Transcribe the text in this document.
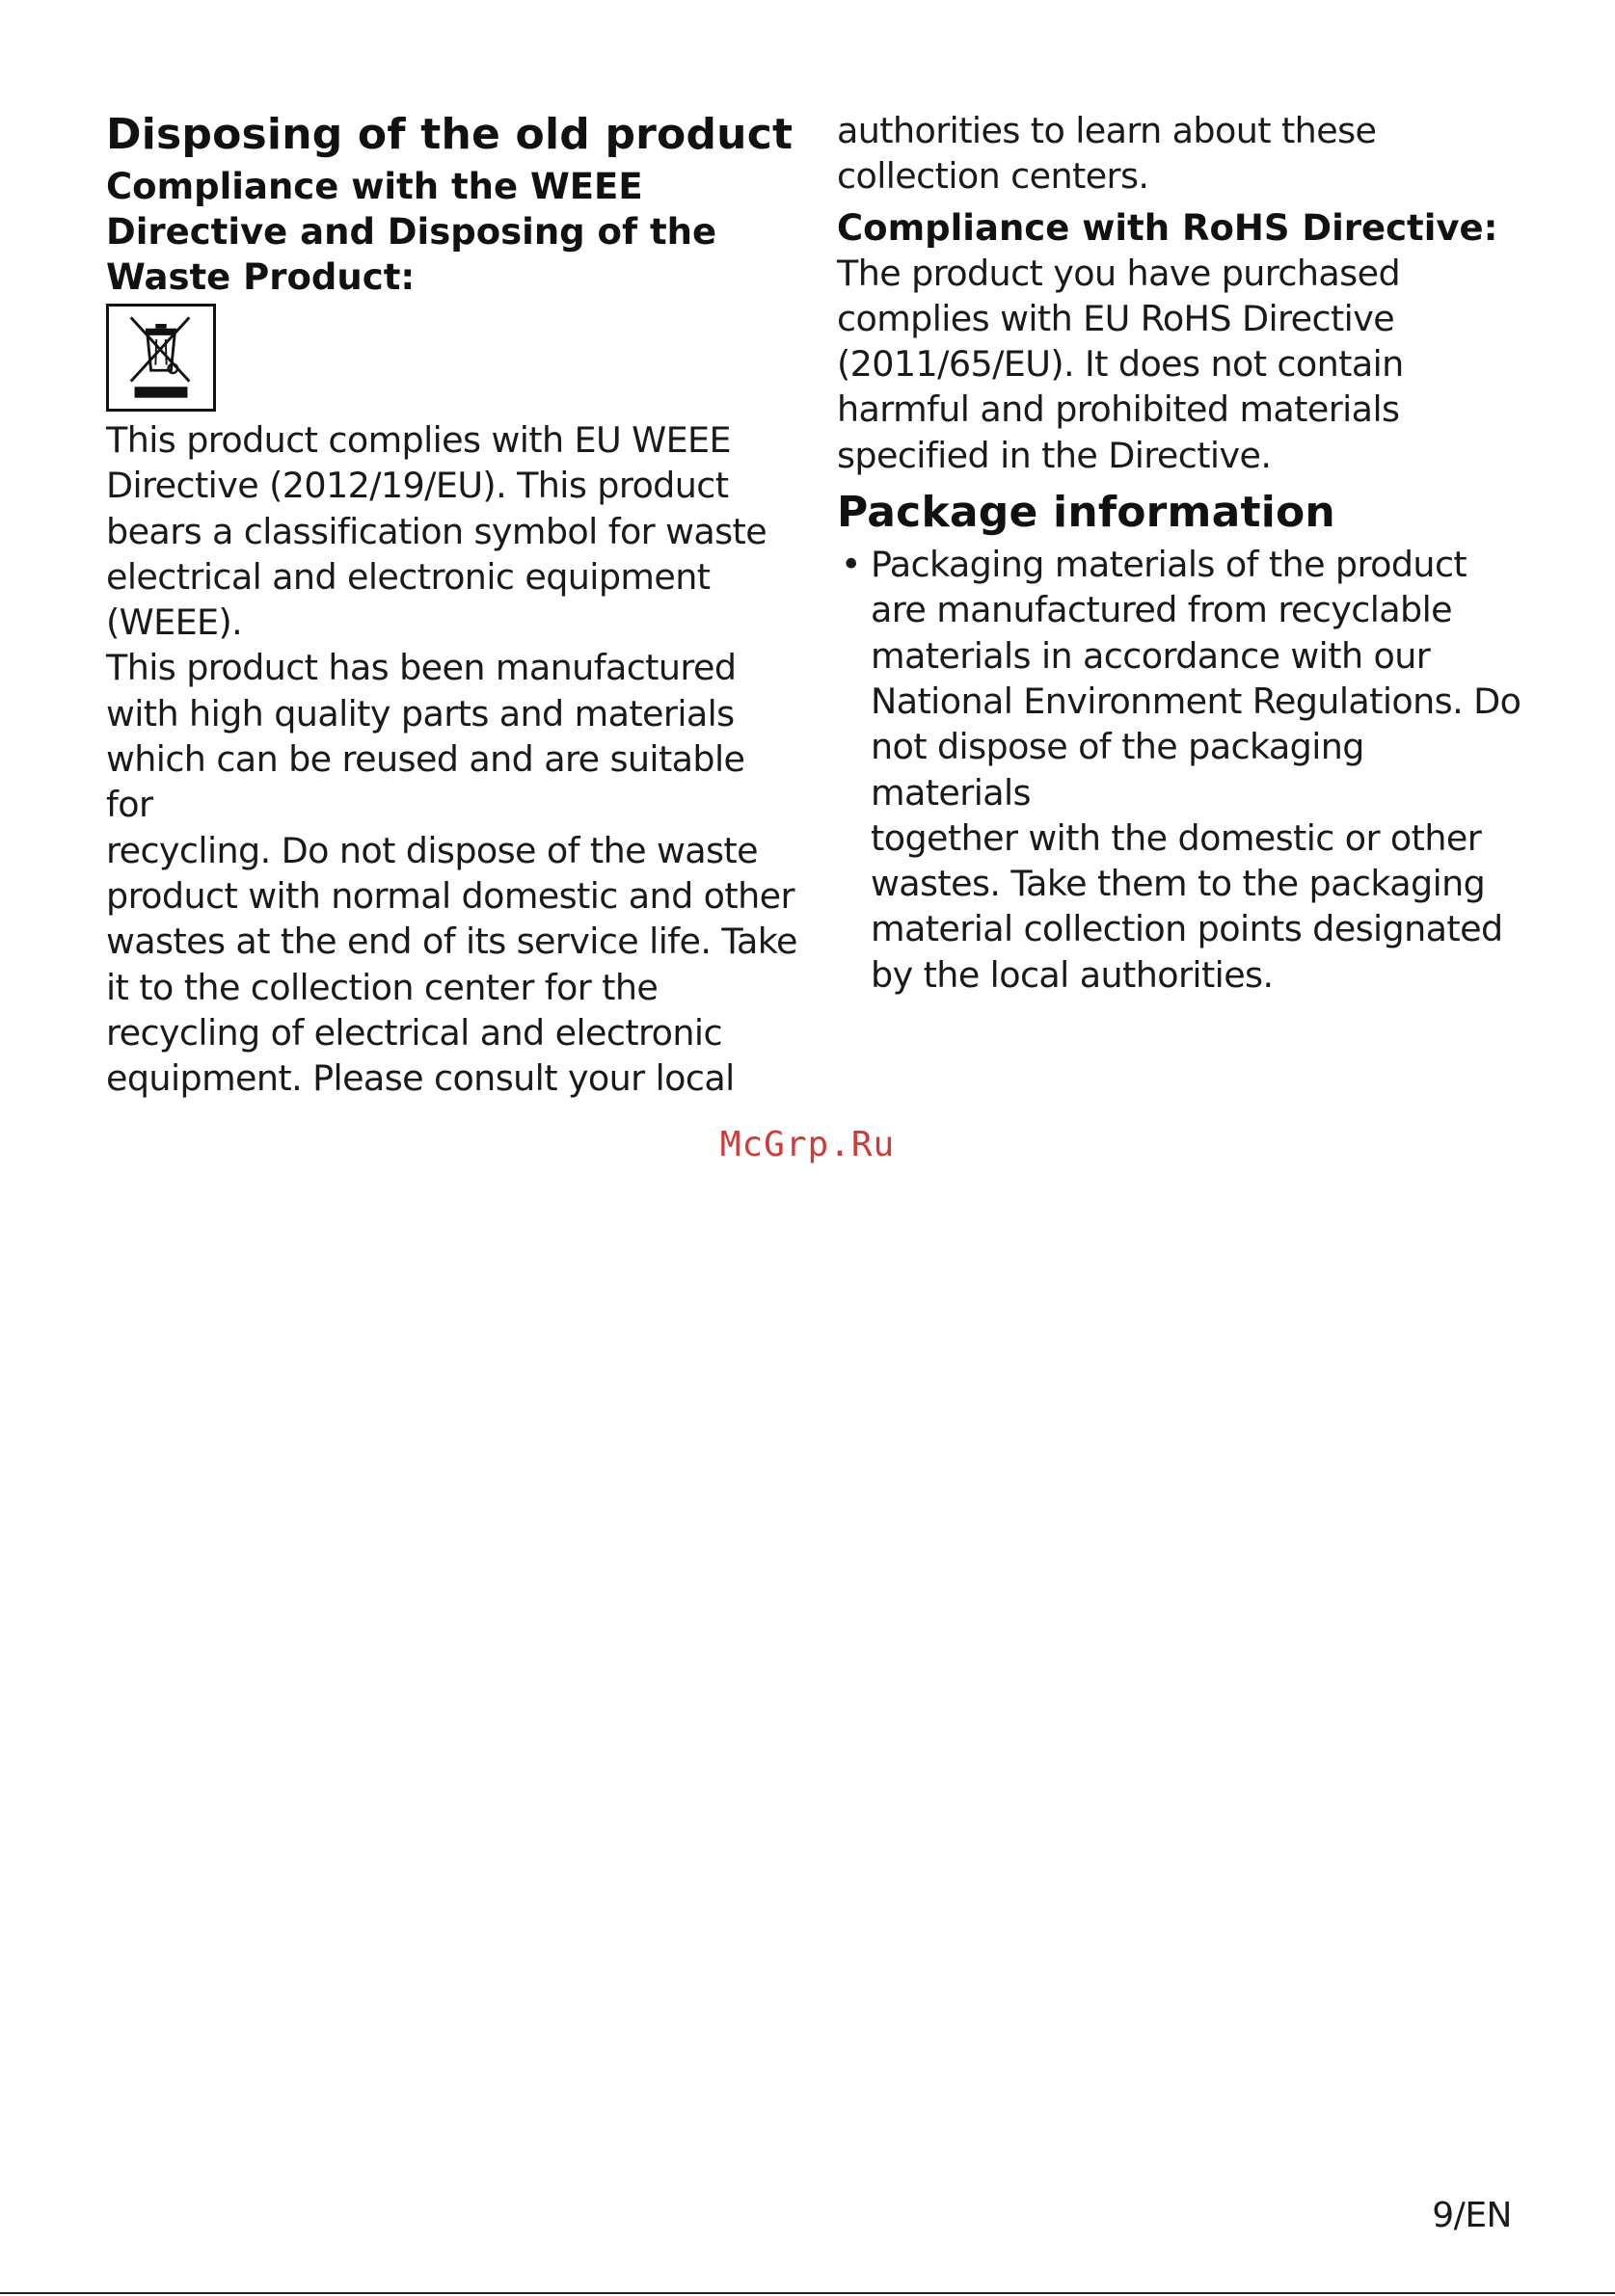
Disposing of the old product
Compliance with the WEEE
Directive and Disposing of the
Waste Product:
This product complies with EU WEEE
Directive (2012/19/EU). This product
bears a classification symbol for waste
electrical and electronic equipment
(WEEE).
This product has been manufactured
with high quality parts and materials
which can be reused and are suitable for
recycling. Do not dispose of the waste
product with normal domestic and other
wastes at the end of its service life. Take
it to the collection center for the
recycling of electrical and electronic
equipment. Please consult your local
authorities to learn about these
collection centers.
Compliance with RoHS Directive:
The product you have purchased
complies with EU RoHS Directive
(2011/65/EU). It does not contain
harmful and prohibited materials
specified in the Directive.
Package information
• Packaging materials of the product
are manufactured from recyclable
materials in accordance with our
National Environment Regulations. Do
not dispose of the packaging materials
together with the domestic or other
wastes. Take them to the packaging
material collection points designated
by the local authorities.
McGrp.Ru
9/EN
